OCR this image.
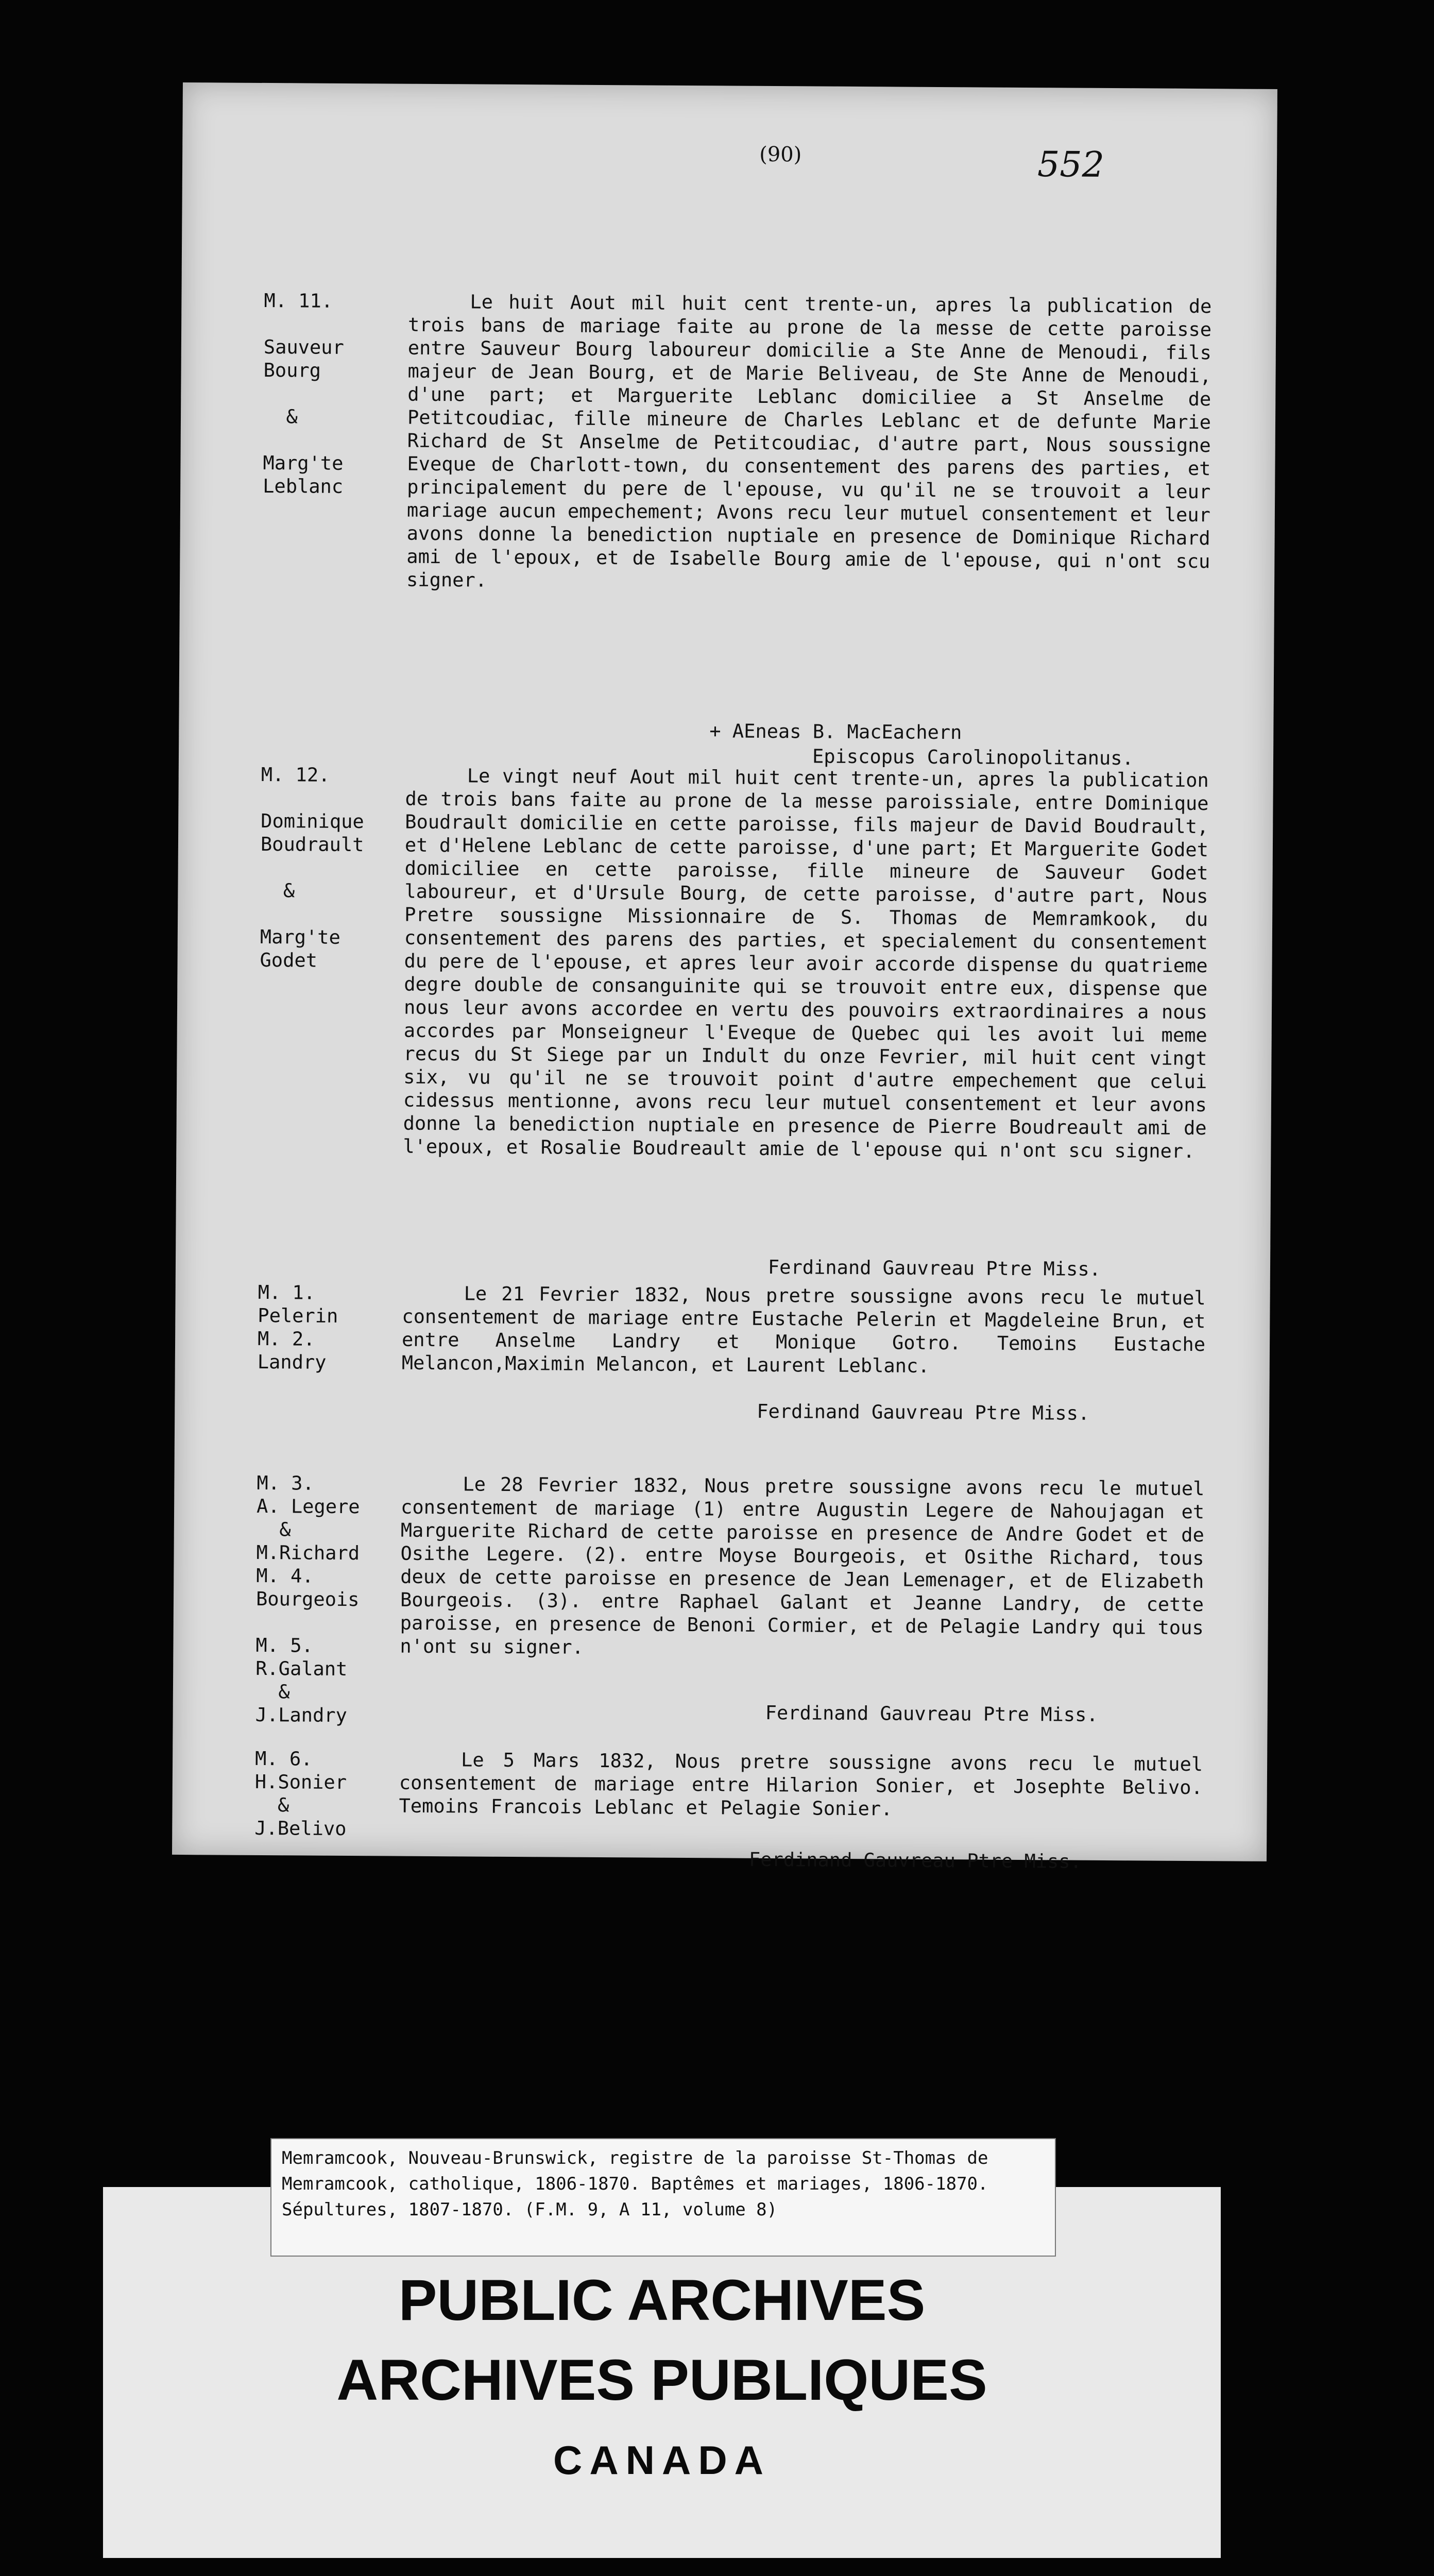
(90)	552
M. 11.

Sauveur
Bourg

&

Marg'te
Leblanc
Le huit Aout mil huit cent trente-un, apres la publication de trois bans de mariage faite au prone de la messe de cette paroisse entre Sauveur Bourg laboureur domicilie a Ste Anne de Menoudi, fils majeur de Jean Bourg, et de Marie Beliveau, de Ste Anne de Menoudi, d'une part; et Marguerite Leblanc domiciliee a St Anselme de Petitcoudiac, fille mineure de Charles Leblanc et de defunte Marie Richard de St Anselme de Petitcoudiac, d'autre part, Nous soussigne Eveque de Charlott-town, du consentement des parens des parties, et principalement du pere de l'epouse, vu qu'il ne se trouvoit a leur mariage aucun empechement; Avons recu leur mutuel consentement et leur avons donne la benediction nuptiale en presence de Dominique Richard ami de l'epoux, et de Isabelle Bourg amie de l'epouse, qui n'ont scu signer.
+ AEneas B. MacEachern
Episcopus Carolinopolitanus.
M. 12.

Dominique
Boudrault

&

Marg'te
Godet
Le vingt neuf Aout mil huit cent trente-un, apres la publication de trois bans faite au prone de la messe paroissiale, entre Dominique Boudrault domicilie en cette paroisse, fils majeur de David Boudrault, et d'Helene Leblanc de cette paroisse, d'une part; Et Marguerite Godet domiciliee en cette paroisse, fille mineure de Sauveur Godet laboureur, et d'Ursule Bourg, de cette paroisse, d'autre part, Nous Pretre soussigne Missionnaire de S. Thomas de Memramkook, du consentement des parens des parties, et specialement du consentement du pere de l'epouse, et apres leur avoir accorde dispense du quatrieme degre double de consanguinite qui se trouvoit entre eux, dispense que nous leur avons accordee en vertu des pouvoirs extraordinaires a nous accordes par Monseigneur l'Eveque de Quebec qui les avoit lui meme recus du St Siege par un Indult du onze Fevrier, mil huit cent vingt six, vu qu'il ne se trouvoit point d'autre empechement que celui cidessus mentionne, avons recu leur mutuel consentement et leur avons donne la benediction nuptiale en presence de Pierre Boudreault ami de l'epoux, et Rosalie Boudreault amie de l'epouse qui n'ont scu signer.
Ferdinand Gauvreau Ptre Miss.
M. 1.
Pelerin
M. 2.
Landry
Le 21 Fevrier 1832, Nous pretre soussigne avons recu le mutuel consentement de mariage entre Eustache Pelerin et Magdeleine Brun, et entre Anselme Landry et Monique Gotro. Temoins Eustache Melancon,Maximin Melancon, et Laurent Leblanc.
Ferdinand Gauvreau Ptre Miss.
M. 3.
A. Legere
&
M.Richard
M. 4.
Bourgeois

M. 5.
R.Galant
&
J.Landry
Le 28 Fevrier 1832, Nous pretre soussigne avons recu le mutuel consentement de mariage (1) entre Augustin Legere de Nahoujagan et Marguerite Richard de cette paroisse en presence de Andre Godet et de Osithe Legere. (2). entre Moyse Bourgeois, et Osithe Richard, tous deux de cette paroisse en presence de Jean Lemenager, et de Elizabeth Bourgeois. (3). entre Raphael Galant et Jeanne Landry, de cette paroisse, en presence de Benoni Cormier, et de Pelagie Landry qui tous n'ont su signer.
Ferdinand Gauvreau Ptre Miss.
M. 6.
H.Sonier
&
J.Belivo
Le 5 Mars 1832, Nous pretre soussigne avons recu le mutuel consentement de mariage entre Hilarion Sonier, et Josephte Belivo. Temoins Francois Leblanc et Pelagie Sonier.
Ferdinand Gauvreau Ptre Miss.
Memramcook, Nouveau-Brunswick, registre de la paroisse St-Thomas de Memramcook, catholique, 1806-1870. Baptêmes et mariages, 1806-1870. Sépultures, 1807-1870. (F.M. 9, A 11, volume 8)
PUBLIC ARCHIVES
ARCHIVES PUBLIQUES
CANADA
